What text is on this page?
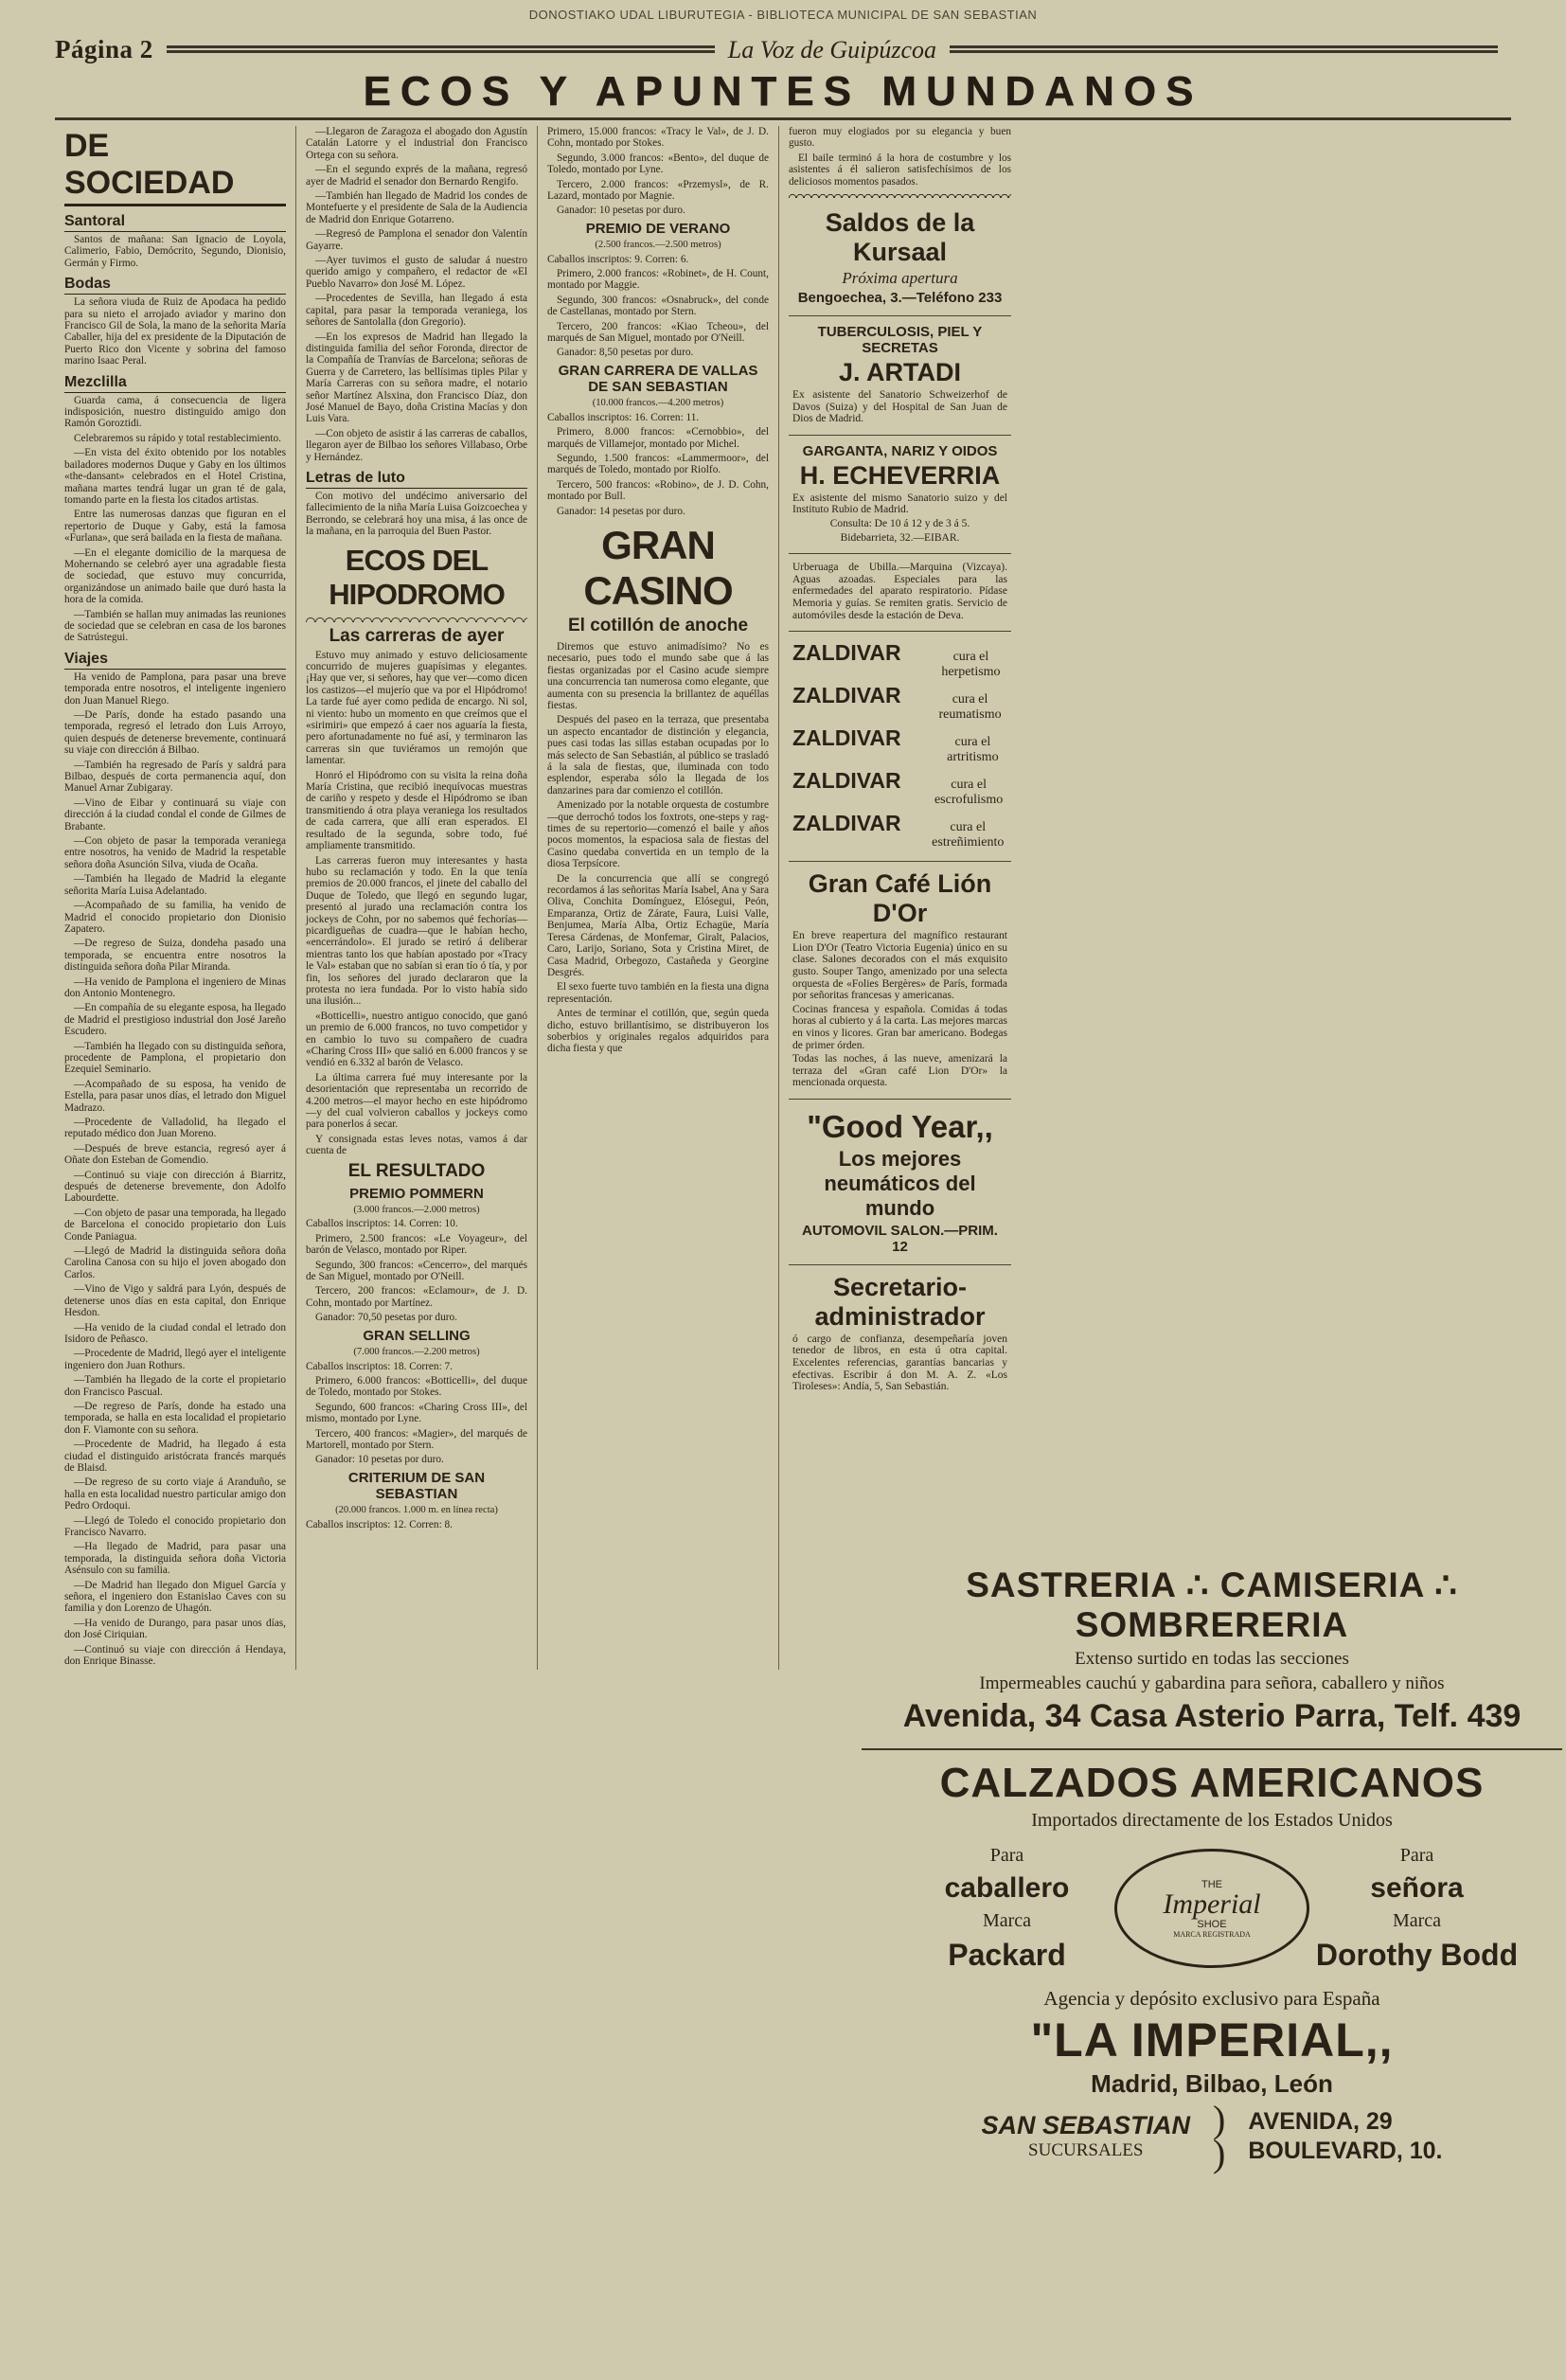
DONOSTIAKO UDAL LIBURUTEGIA - BIBLIOTECA MUNICIPAL DE SAN SEBASTIAN
Página 2	La Voz de Guipúzcoa
ECOS Y APUNTES MUNDANOS
DE SOCIEDAD
Santoral

Santos de mañana: San Ignacio de Loyola, Calimerio, Fabio, Demócrito, Segundo, Dionisio, Germán y Firmo.

Bodas

La señora viuda de Ruiz de Apodaca ha pedido para su nieto el arrojado aviador y marino don Francisco Gil de Sola, la mano de la señorita María Caballer, hija del ex presidente de la Diputación de Puerto Rico don Vicente y sobrina del famoso marino Isaac Peral.

Mezclilla

Guarda cama, á consecuencia de ligera indisposición, nuestro distinguido amigo don Ramón Goroztidi.

Celebraremos su rápido y total restablecimiento.

—En vista del éxito obtenido por los notables bailadores modernos Duque y Gaby en los últimos «the-dansant» celebrados en el Hotel Cristina, mañana martes tendrá lugar un gran té de gala, tomando parte en la fiesta los citados artistas.

Entre las numerosas danzas que figuran en el repertorio de Duque y Gaby, está la famosa «Furlana», que será bailada en la fiesta de mañana.

—En el elegante domicilio de la marquesa de Mohernando se celebró ayer una agradable fiesta de sociedad, que estuvo muy concurrida, organizándose un animado baile que duró hasta la hora de la comida.

—También se hallan muy animadas las reuniones de sociedad que se celebran en casa de los barones de Satrústegui.

Viajes

Ha venido de Pamplona, para pasar una breve temporada entre nosotros, el inteligente ingeniero don Juan Manuel Riego.

—De París, donde ha estado pasando una temporada, regresó el letrado don Luis Arroyo, quien después de detenerse brevemente, continuará su viaje con dirección á Bilbao.

—También ha regresado de París y saldrá para Bilbao, después de corta permanencia aquí, don Manuel Arnar Zubigaray.

—Vino de Eibar y continuará su viaje con dirección á la ciudad condal el conde de Gilmes de Brabante.

—Con objeto de pasar la temporada veraniega entre nosotros, ha venido de Madrid la respetable señora doña Asunción Silva, viuda de Ocaña.

—También ha llegado de Madrid la elegante señorita María Luisa Adelantado.

—Acompañado de su familia, ha venido de Madrid el conocido propietario don Dionisio Zapatero.

—De regreso de Suiza, dondeha pasado una temporada, se encuentra entre nosotros la distinguida señora doña Pilar Miranda.

—Ha venido de Pamplona el ingeniero de Minas don Antonio Montenegro.

—En compañía de su elegante esposa, ha llegado de Madrid el prestigioso industrial don José Jareño Escudero.

—También ha llegado con su distinguida señora, procedente de Pamplona, el propietario don Ezequiel Seminario.

—Acompañado de su esposa, ha venido de Estella, para pasar unos días, el letrado don Miguel Madrazo.

—Procedente de Valladolid, ha llegado el reputado médico don Juan Moreno.

—Después de breve estancia, regresó ayer á Oñate don Esteban de Gomendio.

—Continuó su viaje con dirección á Biarritz, después de detenerse brevemente, don Adolfo Labourdette.

—Con objeto de pasar una temporada, ha llegado de Barcelona el conocido propietario don Luis Conde Paniagua.

—Llegó de Madrid la distinguida señora doña Carolina Canosa con su hijo el joven abogado don Carlos.

—Vino de Vigo y saldrá para Lyón, después de detenerse unos días en esta capital, don Enrique Hesdon.

—Ha venido de la ciudad condal el letrado don Isidoro de Peñasco.

—Procedente de Madrid, llegó ayer el inteligente ingeniero don Juan Rothurs.

—También ha llegado de la corte el propietario don Francisco Pascual.

—De regreso de París, donde ha estado una temporada, se halla en esta localidad el propietario don F. Viamonte con su señora.

—Procedente de Madrid, ha llegado á esta ciudad el distinguido aristócrata francés marqués de Blaisd.

—De regreso de su corto viaje á Aranduño, se halla en esta localidad nuestro particular amigo don Pedro Ordoqui.

—Llegó de Toledo el conocido propietario don Francisco Navarro.

—Ha llegado de Madrid, para pasar una temporada, la distinguida señora doña Victoria Asénsulo con su familia.

—De Madrid han llegado don Miguel García y señora, el ingeniero don Estanislao Caves con su familia y don Lorenzo de Uhagón.

—Ha venido de Durango, para pasar unos días, don José Ciriquian.

—Continuó su viaje con dirección á Hendaya, don Enrique Binasse.

—Llegaron de Zaragoza el abogado don Agustín Catalán Latorre y el industrial don Francisco Ortega con su señora.

—En el segundo exprés de la mañana, regresó ayer de Madrid el senador don Bernardo Rengifo.

—También han llegado de Madrid los condes de Montefuerte y el presidente de Sala de la Audiencia de Madrid don Enrique Gotarreno.

—Regresó de Pamplona el senador don Valentín Gayarre.

—Ayer tuvimos el gusto de saludar á nuestro querido amigo y compañero, el redactor de «El Pueblo Navarro» don José M. López.

—Procedentes de Sevilla, han llegado á esta capital, para pasar la temporada veraniega, los señores de Santolalla (don Gregorio).

—En los expresos de Madrid han llegado la distinguida familia del señor Foronda, director de la Compañía de Tranvías de Barcelona; señoras de Guerra y de Carretero, las bellísimas tiples Pilar y María Carreras con su señora madre, el notario señor Martínez Alsxina, don Francisco Díaz, don José Manuel de Bayo, doña Cristina Macías y don Luis Vara.

—Con objeto de asistir á las carreras de caballos, llegaron ayer de Bilbao los señores Villabaso, Orbe y Hernández.

Letras de luto

Con motivo del undécimo aniversario del fallecimiento de la niña María Luisa Goizcoechea y Berrondo, se celebrará hoy una misa, á las once de la mañana, en la parroquia del Buen Pastor.

ECOS DEL HIPODROMO
Las carreras de ayer

Estuvo muy animado y estuvo deliciosamente concurrido de mujeres guapísimas y elegantes. ¡Hay que ver, si señores, hay que ver—como dicen los castizos—el mujerío que va por el Hipódromo! La tarde fué ayer como pedida de encargo. Ni sol, ni viento: hubo un momento en que creímos que el «sirimiri» que empezó á caer nos aguaría la fiesta, pero afortunadamente no fué así, y terminaron las carreras sin que tuviéramos un remojón que lamentar.

Honró el Hipódromo con su visita la reina doña María Cristina, que recibió inequívocas muestras de cariño y respeto y desde el Hipódromo se iban transmitiendo á otra playa veraniega los resultados de cada carrera, que allí eran esperados. El resultado de la segunda, sobre todo, fué ampliamente transmitido.

Las carreras fueron muy interesantes y hasta hubo su reclamación y todo. En la que tenía premios de 20.000 francos, el jinete del caballo del Duque de Toledo, que llegó en segundo lugar, presentó al jurado una reclamación contra los jockeys de Cohn, por no sabemos qué fechorías—picardigueñas de cuadra—que le habían hecho, «encerrándolo». El jurado se retiró á deliberar mientras tanto los que habían apostado por «Tracy le Val» estaban que no sabían si eran tío ó tía, y por fin, los señores del jurado declararon que la protesta no iera fundada. Por lo visto había sido una ilusión...

«Botticelli», nuestro antiguo conocido, que ganó un premio de 6.000 francos, no tuvo competidor y en cambio lo tuvo su compañero de cuadra «Charing Cross III» que salió en 6.000 francos y se vendió en 6.332 al barón de Velasco.

La última carrera fué muy interesante por la desorientación que representaba un recorrido de 4.200 metros—el mayor hecho en este hipódromo—y del cual volvieron caballos y jockeys como para ponerlos á secar.

Y consignada estas leves notas, vamos á dar cuenta de

EL RESULTADO
PREMIO POMMERN

(3.000 francos.—2.000 metros)

Caballos inscriptos: 14. Corren: 10.

Primero, 2.500 francos: «Le Voyageur», del barón de Velasco, montado por Riper.

Segundo, 300 francos: «Cencerro», del marqués de San Miguel, montado por O'Neill.

Tercero, 200 francos: «Eclamour», de J. D. Cohn, montado por Martínez.

Ganador: 70,50 pesetas por duro.

GRAN SELLING

(7.000 francos.—2.200 metros)

Caballos inscriptos: 18. Corren: 7.

Primero, 6.000 francos: «Botticelli», del duque de Toledo, montado por Stokes.

Segundo, 600 francos: «Charing Cross III», del mismo, montado por Lyne.

Tercero, 400 francos: «Magier», del marqués de Martorell, montado por Stern.

Ganador: 10 pesetas por duro.

CRITERIUM DE SAN SEBASTIAN

(20.000 francos. 1.000 m. en línea recta)

Caballos inscriptos: 12. Corren: 8.

Primero, 15.000 francos: «Tracy le Val», de J. D. Cohn, montado por Stokes.

Segundo, 3.000 francos: «Bento», del duque de Toledo, montado por Lyne.

Tercero, 2.000 francos: «Przemysl», de R. Lazard, montado por Magnie.

Ganador: 10 pesetas por duro.

PREMIO DE VERANO

(2.500 francos.—2.500 metros)

Caballos inscriptos: 9. Corren: 6.

Primero, 2.000 francos: «Robinet», de H. Count, montado por Maggie.

Segundo, 300 francos: «Osnabruck», del conde de Castellanas, montado por Stern.

Tercero, 200 francos: «Kiao Tcheou», del marqués de San Miguel, montado por O'Neill.

Ganador: 8,50 pesetas por duro.

GRAN CARRERA DE VALLAS DE SAN SEBASTIAN

(10.000 francos.—4.200 metros)

Caballos inscriptos: 16. Corren: 11.

Primero, 8.000 francos: «Cernobbio», del marqués de Villamejor, montado por Michel.

Segundo, 1.500 francos: «Lammermoor», del marqués de Toledo, montado por Riolfo.

Tercero, 500 francos: «Robino», de J. D. Cohn, montado por Bull.

Ganador: 14 pesetas por duro.

GRAN CASINO
El cotillón de anoche

Diremos que estuvo animadísimo? No es necesario, pues todo el mundo sabe que á las fiestas organizadas por el Casino acude siempre una concurrencia tan numerosa como elegante, que aumenta con su presencia la brillantez de aquéllas fiestas.

Después del paseo en la terraza, que presentaba un aspecto encantador de distinción y elegancia, pues casi todas las sillas estaban ocupadas por lo más selecto de San Sebastián, al público se trasladó á la sala de fiestas, que, iluminada con todo esplendor, esperaba sólo la llegada de los danzarines para dar comienzo el cotillón.

Amenizado por la notable orquesta de costumbre—que derrochó todos los foxtrots, one-steps y rag-times de su repertorio—comenzó el baile y años pocos momentos, la espaciosa sala de fiestas del Casino quedaba convertida en un templo de la diosa Terpsícore.

De la concurrencia que allí se congregó recordamos á las señoritas María Isabel, Ana y Sara Oliva, Conchita Domínguez, Elósegui, Peón, Emparanza, Ortiz de Zárate, Faura, Luisi Valle, Benjumea, María Alba, Ortiz Echagüe, María Teresa Cárdenas, de Monfemar, Giralt, Palacios, Caro, Larijo, Soriano, Sota y Cristina Miret, de Casa Madrid, Orbegozo, Castañeda y Georgine Desgrés.

El sexo fuerte tuvo también en la fiesta una digna representación.

Antes de terminar el cotillón, que, según queda dicho, estuvo brillantísimo, se distribuyeron los soberbios y originales regalos adquiridos para dicha fiesta y que

fueron muy elogiados por su elegancia y buen gusto.

El baile terminó á la hora de costumbre y los asistentes á él salieron satisfechísimos de los deliciosos momentos pasados.

Saldos de la Kursaal
Próxima apertura
Bengoechea, 3.—Teléfono 233
TUBERCULOSIS, PIEL Y SECRETAS
J. ARTADI
Ex asistente del Sanatorio Schweizerhof de Davos (Suiza) y del Hospital de San Juan de Dios de Madrid.
GARGANTA, NARIZ Y OIDOS
H. ECHEVERRIA
Ex asistente del mismo Sanatorio suizo y del Instituto Rubio de Madrid.
Consulta: De 10 á 12 y de 3 á 5.
Bidebarrieta, 32.—EIBAR.
Urberuaga de Ubilla.—Marquina (Vizcaya). Aguas azoadas. Especiales para las enfermedades del aparato respiratorio. Pídase Memoria y guías. Se remiten gratis. Servicio de automóviles desde la estación de Deva.
ZALDIVAR	cura el herpetismo
ZALDIVAR	cura el reumatismo
ZALDIVAR	cura el artritismo
ZALDIVAR	cura el escrofulismo
ZALDIVAR	cura el estreñimiento
Gran Café Lión D'Or
En breve reapertura del magnífico restaurant Lion D'Or (Teatro Victoria Eugenia) único en su clase. Salones decorados con el más exquisito gusto. Souper Tango, amenizado por una selecta orquesta de «Folies Bergères» de París, formada por señoritas francesas y americanas.
Cocinas francesa y española. Comidas á todas horas al cubierto y á la carta. Las mejores marcas en vinos y licores. Gran bar americano. Bodegas de primer órden.
Todas las noches, á las nueve, amenizará la terraza del «Gran café Lion D'Or» la mencionada orquesta.
"Good Year,,
Los mejores neumáticos del mundo
AUTOMOVIL SALON.—PRIM. 12
Secretario-administrador
ó cargo de confianza, desempeñaría joven tenedor de libros, en esta ú otra capital. Excelentes referencias, garantías bancarias y efectivas. Escribir á don M. A. Z. «Los Tiroleses»: Andía, 5, San Sebastián.
SASTRERIA ∴ CAMISERIA ∴ SOMBRERERIA
Extenso surtido en todas las secciones
Impermeables cauchú y gabardina para señora, caballero y niños
Avenida, 34 Casa Asterio Parra, Telf. 439
CALZADOS AMERICANOS
Importados directamente de los Estados Unidos
Para
caballero
Marca
Packard
THE
Imperial
SHOE
MARCA REGISTRADA
Para
señora
Marca
Dorothy Bodd
Agencia y depósito exclusivo para España
"LA IMPERIAL,,
Madrid, Bilbao, León
SAN SEBASTIAN
SUCURSALES
)
)
AVENIDA, 29
BOULEVARD, 10.
